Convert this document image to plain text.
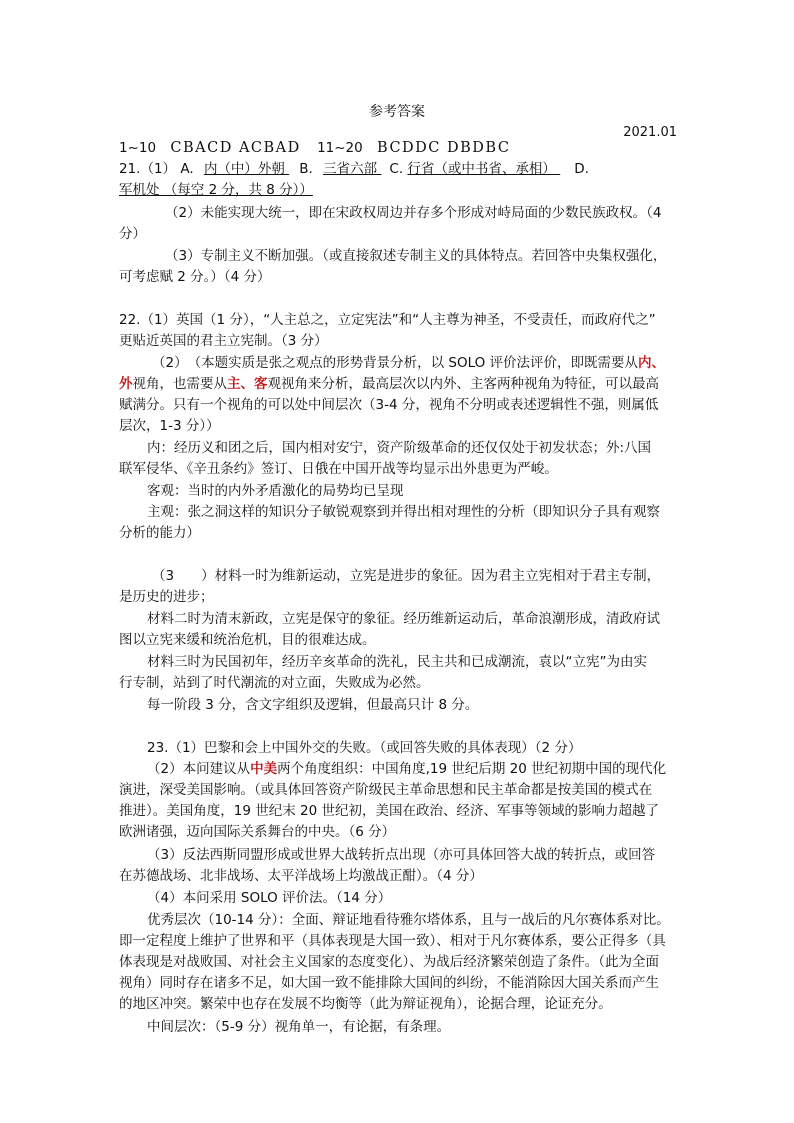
参考答案
2021.01
1~10 CBACD ACBAD 11~20 BCDDC DBDBC
21.（1） A. 内（中）外朝 B. 三省六部 C. 行省（或中书省、承相） D.
军机处 （每空 2 分，共 8 分））
（2）未能实现大统一，即在宋政权周边并存多个形成对峙局面的少数民族政权。（4
分）
（3）专制主义不断加强。（或直接叙述专制主义的具体特点。若回答中央集权强化，
可考虑赋 2 分。）（4 分）
22.（1）英国（1 分），“人主总之，立定宪法”和“人主尊为神圣，不受责任，而政府代之”
更贴近英国的君主立宪制。（3 分）
（2）　（本题实质是张之观点的形势背景分析，以 SOLO 评价法评价，即既需要从内、
外视角，也需要从主、客观视角来分析，最高层次以内外、主客两种视角为特征，可以最高
赋满分。只有一个视角的可以处中间层次（3-4 分，视角不分明或表述逻辑性不强，则属低
层次，1-3 分））
内：经历义和团之后，国内相对安宁，资产阶级革命的还仅仅处于初发状态；外:八国
联军侵华、《辛丑条约》签订、日俄在中国开战等均显示出外患更为严峻。
客观：当时的内外矛盾激化的局势均已呈现
主观：张之洞这样的知识分子敏锐观察到并得出相对理性的分析（即知识分子具有观察
分析的能力）
（3　　）材料一时为维新运动，立宪是进步的象征。因为君主立宪相对于君主专制，
是历史的进步；
材料二时为清末新政，立宪是保守的象征。经历维新运动后，革命浪潮形成，清政府试
图以立宪来缓和统治危机，目的很难达成。
材料三时为民国初年，经历辛亥革命的洗礼，民主共和已成潮流，袁以“立宪”为由实
行专制，站到了时代潮流的对立面，失败成为必然。
每一阶段 3 分，含文字组织及逻辑，但最高只计 8 分。
23.（1）巴黎和会上中国外交的失败。（或回答失败的具体表现）（2 分）
（2）本问建议从中美两个角度组织：中国角度,19 世纪后期 20 世纪初期中国的现代化
演进，深受美国影响。（或具体回答资产阶级民主革命思想和民主革命都是按美国的模式在
推进）。美国角度，19 世纪末 20 世纪初，美国在政治、经济、军事等领域的影响力超越了
欧洲诸强，迈向国际关系舞台的中央。（6 分）
（3）反法西斯同盟形成或世界大战转折点出现（亦可具体回答大战的转折点，或回答
在苏德战场、北非战场、太平洋战场上均激战正酣）。（4 分）
（4）本问采用 SOLO 评价法。（14 分）
优秀层次（10-14 分）：全面、辩证地看待雅尔塔体系，且与一战后的凡尔赛体系对比。
即一定程度上维护了世界和平（具体表现是大国一致）、相对于凡尔赛体系，要公正得多（具
体表现是对战败国、对社会主义国家的态度变化）、为战后经济繁荣创造了条件。（此为全面
视角）同时存在诸多不足，如大国一致不能排除大国间的纠纷，不能消除因大国关系而产生
的地区冲突。繁荣中也存在发展不均衡等（此为辩证视角），论据合理，论证充分。
中间层次：（5-9 分）视角单一，有论据，有条理。
